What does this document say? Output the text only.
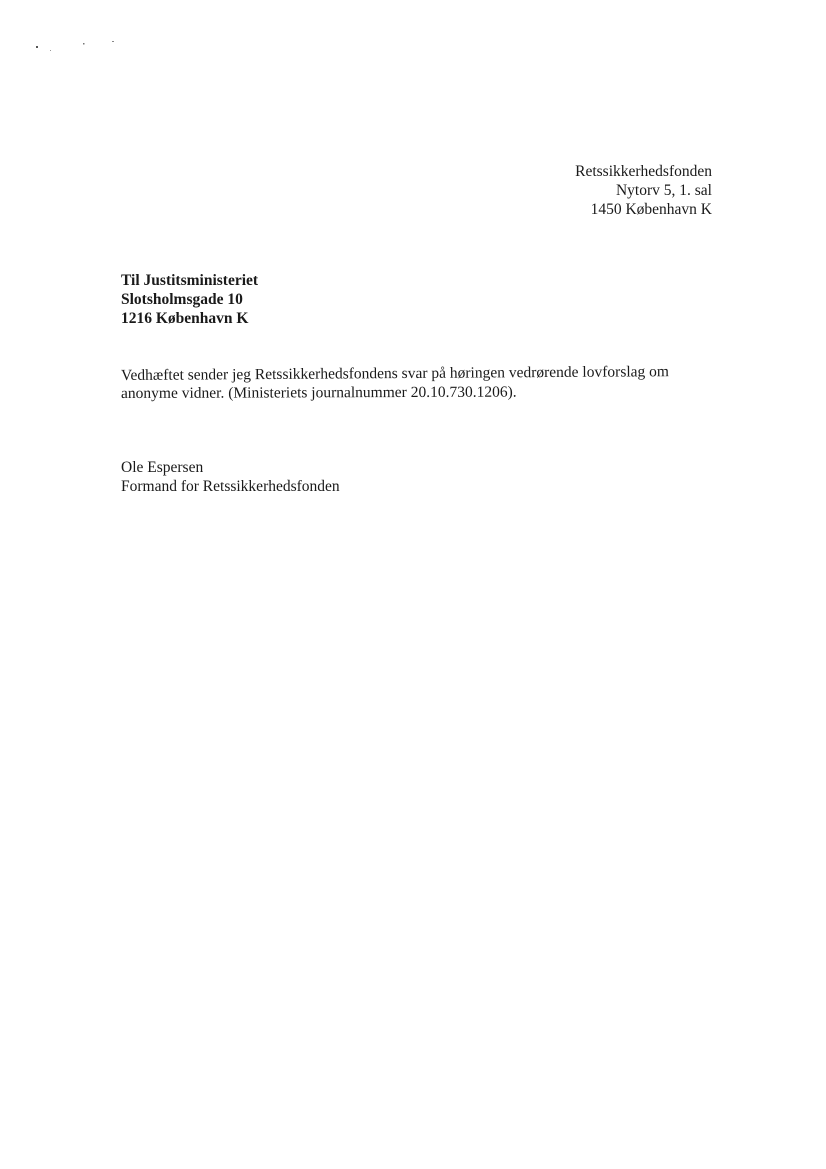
Retssikkerhedsfonden
Nytorv 5, 1. sal
1450 København K
Til Justitsministeriet
Slotsholmsgade 10
1216 København K
Vedhæftet sender jeg Retssikkerhedsfondens svar på høringen vedrørende lovforslag om
anonyme vidner. (Ministeriets journalnummer 20.10.730.1206).
Ole Espersen
Formand for Retssikkerhedsfonden
